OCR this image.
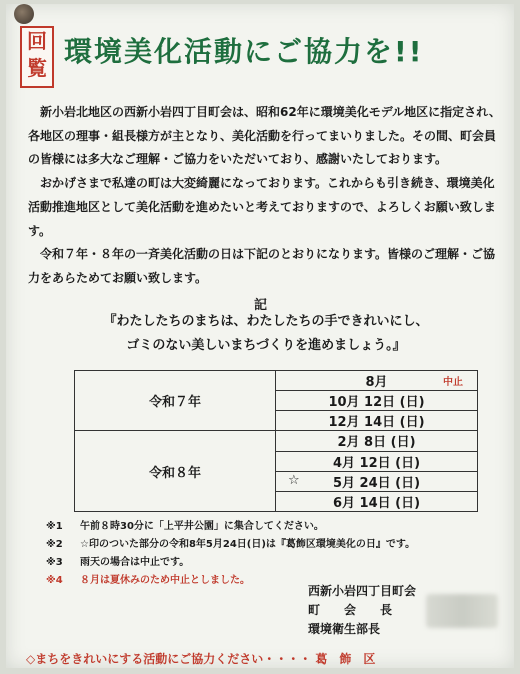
回
覧 環境美化活動にご協力を!!

新小岩北地区の西新小岩四丁目町会は、昭和62年に環境美化モデル地区に指定され、各地区の理事・組長様方が主となり、美化活動を行ってまいりました。その間、町会員の皆様には多大なご理解・ご協力をいただいており、感謝いたしております。

おかげさまで私達の町は大変綺麗になっております。これからも引き続き、環境美化活動推進地区として美化活動を進めたいと考えておりますので、よろしくお願い致します。

令和７年・８年の一斉美化活動の日は下記のとおりになります。皆様のご理解・ご協力をあらためてお願い致します。

記
『わたしたちのまちは、わたしたちの手できれいにし、
ゴミのない美しいまちづくりを進めましょう。』
令和７年	8月 中止

	10月 12日 (日)
	12月 14日 (日)
令和８年	2月 8日 (日)
	4月 12日 (日)

	☆ 5月 24日 (日)
	6月 14日 (日)
※1	午前８時30分に「上平井公園」に集合してください。
※2	☆印のついた部分の令和8年5月24日(日)は『葛飾区環境美化の日』です。
※3	雨天の場合は中止です。
※4	８月は夏休みのため中止としました。
西新小岩四丁目町会
町　　会　　長
環境衛生部長
◇まちをきれいにする活動にご協力ください・・・・ 葛　飾　区
